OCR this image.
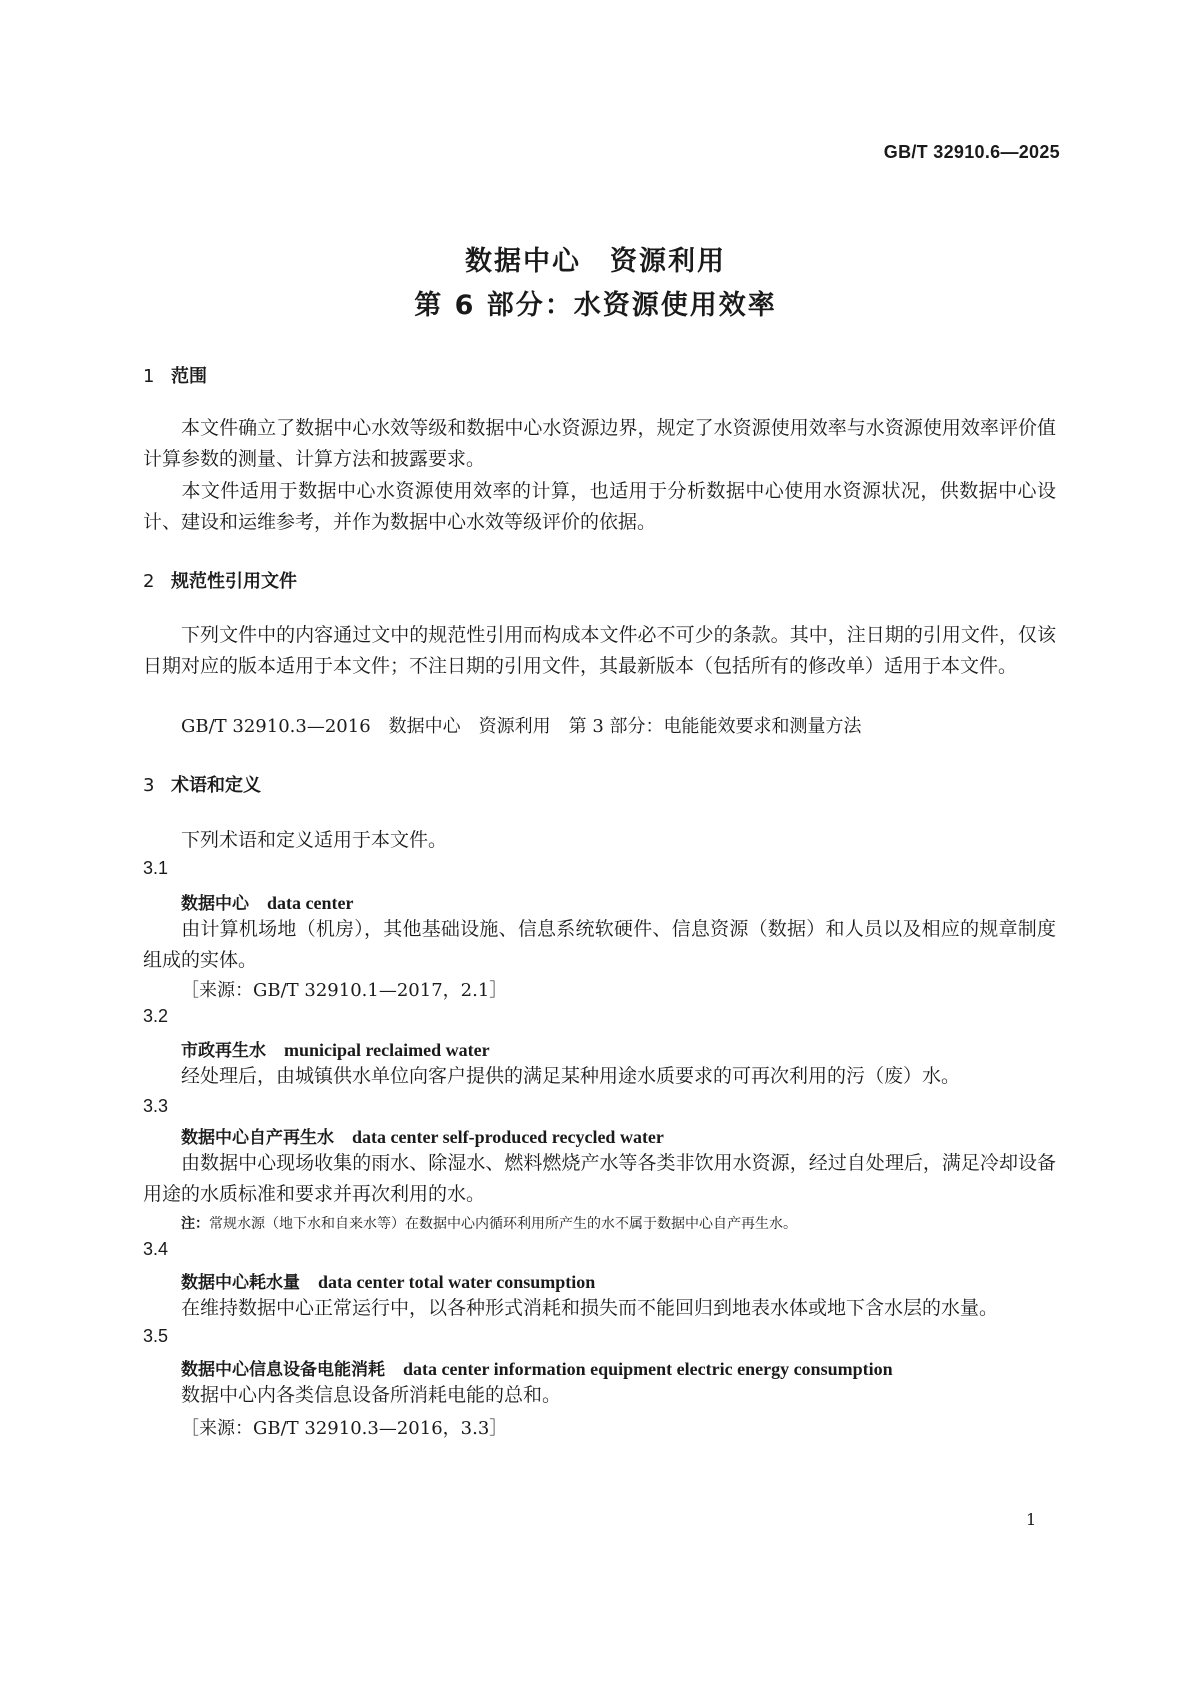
GB/T 32910.6—2025
数据中心　资源利用
第 6 部分：水资源使用效率
1 范围
本文件确立了数据中心水效等级和数据中心水资源边界，规定了水资源使用效率与水资源使用效率评价值计算参数的测量、计算方法和披露要求。
本文件适用于数据中心水资源使用效率的计算，也适用于分析数据中心使用水资源状况，供数据中心设计、建设和运维参考，并作为数据中心水效等级评价的依据。
2 规范性引用文件
下列文件中的内容通过文中的规范性引用而构成本文件必不可少的条款。其中，注日期的引用文件，仅该日期对应的版本适用于本文件；不注日期的引用文件，其最新版本（包括所有的修改单）适用于本文件。
GB/T 32910.3—2016　数据中心　资源利用　第 3 部分：电能能效要求和测量方法
3 术语和定义
下列术语和定义适用于本文件。
3.1
数据中心 data center
由计算机场地（机房），其他基础设施、信息系统软硬件、信息资源（数据）和人员以及相应的规章制度组成的实体。
［来源：GB/T 32910.1—2017，2.1］
3.2
市政再生水 municipal reclaimed water
经处理后，由城镇供水单位向客户提供的满足某种用途水质要求的可再次利用的污（废）水。
3.3
数据中心自产再生水 data center self-produced recycled water
由数据中心现场收集的雨水、除湿水、燃料燃烧产水等各类非饮用水资源，经过自处理后，满足冷却设备用途的水质标准和要求并再次利用的水。
注：常规水源（地下水和自来水等）在数据中心内循环利用所产生的水不属于数据中心自产再生水。
3.4
数据中心耗水量 data center total water consumption
在维持数据中心正常运行中，以各种形式消耗和损失而不能回归到地表水体或地下含水层的水量。
3.5
数据中心信息设备电能消耗 data center information equipment electric energy consumption
数据中心内各类信息设备所消耗电能的总和。
［来源：GB/T 32910.3—2016，3.3］
1
